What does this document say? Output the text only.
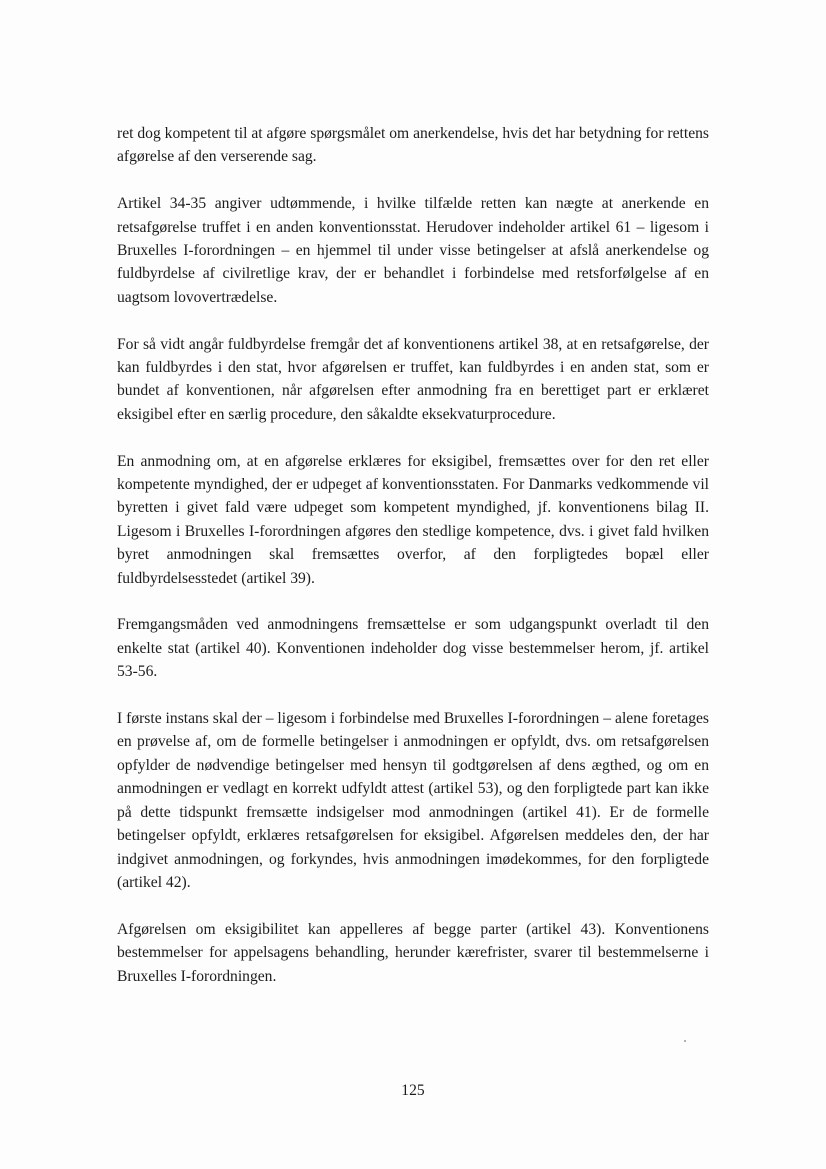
ret dog kompetent til at afgøre spørgsmålet om anerkendelse, hvis det har betydning for rettens afgørelse af den verserende sag.

Artikel 34-35 angiver udtømmende, i hvilke tilfælde retten kan nægte at anerkende en retsafgørelse truffet i en anden konventionsstat. Herudover indeholder artikel 61 – ligesom i Bruxelles I-forordningen – en hjemmel til under visse betingelser at afslå anerkendelse og fuldbyrdelse af civilretlige krav, der er behandlet i forbindelse med retsforfølgelse af en uagtsom lovovertrædelse.

For så vidt angår fuldbyrdelse fremgår det af konventionens artikel 38, at en retsafgørelse, der kan fuldbyrdes i den stat, hvor afgørelsen er truffet, kan fuldbyrdes i en anden stat, som er bundet af konventionen, når afgørelsen efter anmodning fra en berettiget part er erklæret eksigibel efter en særlig procedure, den såkaldte eksekvaturprocedure.

En anmodning om, at en afgørelse erklæres for eksigibel, fremsættes over for den ret eller kompetente myndighed, der er udpeget af konventionsstaten. For Danmarks vedkommende vil byretten i givet fald være udpeget som kompetent myndighed, jf. konventionens bilag II. Ligesom i Bruxelles I-forordningen afgøres den stedlige kompetence, dvs. i givet fald hvilken byret anmodningen skal fremsættes overfor, af den forpligtedes bopæl eller fuldbyrdelsesstedet (artikel 39).

Fremgangsmåden ved anmodningens fremsættelse er som udgangspunkt overladt til den enkelte stat (artikel 40). Konventionen indeholder dog visse bestemmelser herom, jf. artikel 53-56.

I første instans skal der – ligesom i forbindelse med Bruxelles I-forordningen – alene foretages en prøvelse af, om de formelle betingelser i anmodningen er opfyldt, dvs. om retsafgørelsen opfylder de nødvendige betingelser med hensyn til godtgørelsen af dens ægthed, og om en anmodningen er vedlagt en korrekt udfyldt attest (artikel 53), og den forpligtede part kan ikke på dette tidspunkt fremsætte indsigelser mod anmodningen (artikel 41). Er de formelle betingelser opfyldt, erklæres retsafgørelsen for eksigibel. Afgørelsen meddeles den, der har indgivet anmodningen, og forkyndes, hvis anmodningen imødekommes, for den forpligtede (artikel 42).

Afgørelsen om eksigibilitet kan appelleres af begge parter (artikel 43). Konventionens bestemmelser for appelsagens behandling, herunder kærefrister, svarer til bestemmelserne i Bruxelles I-forordningen.

125
